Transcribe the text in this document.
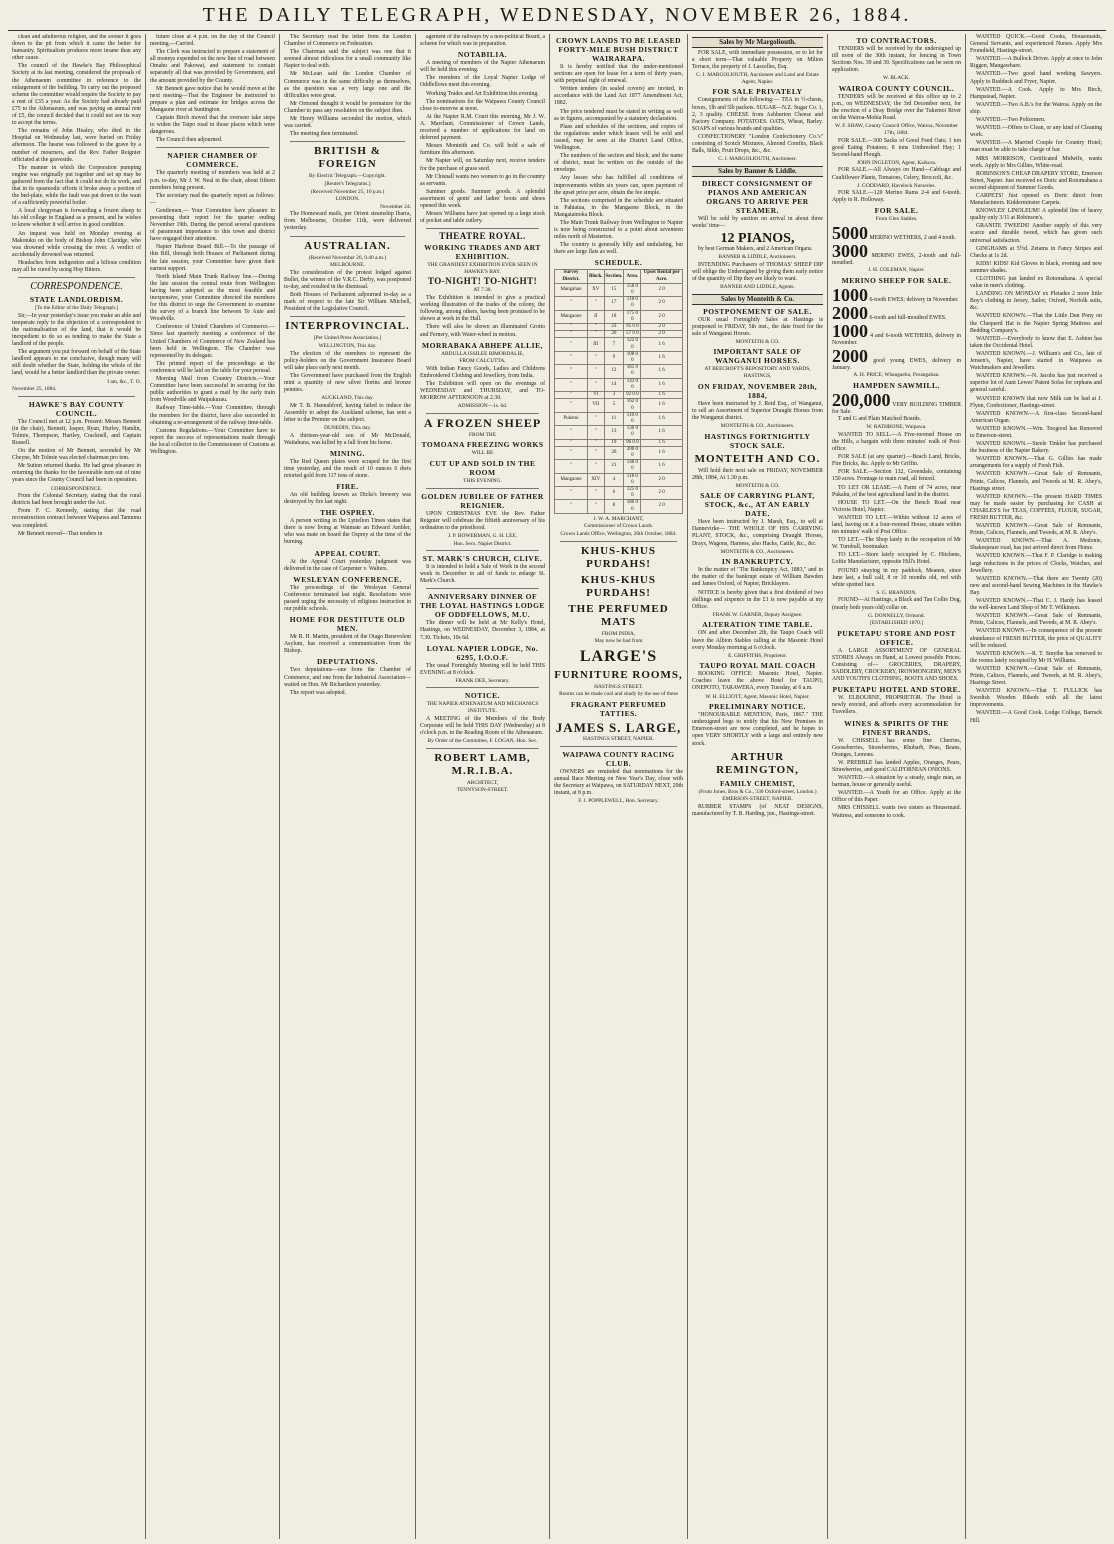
THE DAILY TELEGRAPH, WEDNESDAY, NOVEMBER 26, 1884.

clean and adulterous religion, and the sooner it goes down to the pit from which it came the better for humanity. Spiritualism produces more insane than any other cause.

The council of the Hawke's Bay Philosophical Society at its last meeting, considered the proposals of the Athenaeum committee in reference to the enlargement of the building. To carry out the proposed scheme the committee would require the Society to pay a rent of £35 a year. As the Society had already paid £75 to the Athenaeum, and was paying an annual rent of £5, the council decided that it could not see its way to accept the terms.

The remains of John Healey, who died in the Hospital on Wednesday last, were buried on Friday afternoon. The hearse was followed to the grave by a number of mourners, and the Rev. Father Reignier officiated at the graveside.

The manner in which the Corporation pumping engine was originally put together and set up may be gathered from the fact that it could not do its work, and that in its spasmodic efforts it broke away a portion of the bed-plate, while the fault was put down to the want of a sufficiently powerful boiler.

A local clergyman is forwarding a frozen sheep to his old college in England as a present, and he wishes to know whether it will arrive in good condition.

An inquest was held on Monday evening at Makotuku on the body of Bishop John Claridge, who was drowned while crossing the river. A verdict of accidentally drowned was returned.

Headaches from indigestion and a bilious condition may all be cured by using Hop Bitters.

CORRESPONDENCE.
STATE LANDLORDISM.
[To the Editor of the Daily Telegraph.]

Sir,—In your yesterday's issue you make an able and temperate reply to the objection of a correspondent to the nationalisation of the land, that it would be inexpedient to do so as tending to make the State a landlord of the people.

The argument you put forward on behalf of the State landlord appears to me conclusive, though many will still doubt whether the State, holding the whole of the land, would be a better landlord than the private owner.

I am, &c., T. O.
November 25, 1884.
HAWKE'S BAY COUNTY COUNCIL.

The Council met at 12 p.m. Present: Messrs Bennett (in the chair), Bennett, Jasper, Ryan, Hurley, Hamlin, Tolmie, Thompson, Hartley, Cracknell, and Captain Russell.

On the motion of Mr Bennett, seconded by Mr Cheyne, Mr Tolmie was elected chairman pro tem.

Mr Sutton returned thanks. He had great pleasure in returning the thanks for the favourable turn out of nine years since the County Council had been in operation.

CORRESPONDENCE.

From the Colonial Secretary, stating that the rural districts had been brought under the Act.

From F. C. Kennedy, stating that the road reconstruction contract between Waipawa and Tamumu was completed.

Mr Bennett moved—That tenders in

future close at 4 p.m. on the day of the Council meeting.—Carried.

The Clerk was instructed to prepare a statement of all moneys expended on the new line of road between Omahu and Pakowai, and statement to contain separately all that was provided by Government, and the amount provided by the County.

Mr Bennett gave notice that he would move at the next meeting—That the Engineer be instructed to prepare a plan and estimate for bridges across the Mangaone river at Suntington.

Captain Birch moved that the overseer take steps to widen the Taipo road in those places which were dangerous.

The Council then adjourned.

NAPIER CHAMBER OF COMMERCE.

The quarterly meeting of members was held at 2 p.m. to-day, Mr J. W. Neal in the chair, about fifteen members being present.

The secretary read the quarterly report as follows:—

Gentlemen,— Your Committee have pleasure in presenting their report for the quarter ending November 19th. During the period several questions of paramount importance to this town and district have engaged their attention.

Napier Harbour Board Bill.—To the passage of this Bill, through both Houses of Parliament during the late session, your Committee have given their earnest support.

North Island Main Trunk Railway line.—During the late session the central route from Wellington having been adopted as the most feasible and inexpensive, your Committee directed the members for this district to urge the Government to examine the survey of a branch line between Te Aute and Woodville.

Conference of United Chambers of Commerce.—Since last quarterly meeting a conference of the United Chambers of Commerce of New Zealand has been held in Wellington. The Chamber was represented by its delegate.

The printed report of the proceedings at the conference will be laid on the table for your perusal.

Morning Mail from Country Districts.—Your Committee have been successful in securing for the public authorities to grant a mail by the early train from Woodville and Waipukurau.

Railway Time-table.—Your Committee, through the members for the district, have also succeeded in obtaining a re-arrangement of the railway time-table.

Customs Regulations.—Your Committee have to report the success of representations made through the local collector to the Commissioner of Customs at Wellington.

The Secretary read the letter from the London Chamber of Commerce on Federation.

The Chairman said the subject was one that it seemed almost ridiculous for a small community like Napier to deal with.

Mr McLean said the London Chamber of Commerce was in the same difficulty as themselves, as the question was a very large one and the difficulties were great.

Mr Ormond thought it would be premature for the Chamber to pass any resolution on the subject then.

Mr Henry Williams seconded the motion, which was carried.

The meeting then terminated.

BRITISH & FOREIGN
By Electric Telegraph.—Copyright.
[Reuter's Telegrams.]
(Received November 25, 10 p.m.)
LONDON.
November 24.

The Homeward mails, per Orient steamship Ibarra, from Melbourne, October 11th, were delivered yesterday.

AUSTRALIAN.
(Received November 26, 9.40 a.m.)
MELBOURNE.

The consideration of the protest lodged against Bullet, the winner of the V.R.C. Derby, was postponed to-day, and resulted in the dismissal.

Both Houses of Parliament adjourned to-day as a mark of respect to the late Sir William Mitchell, President of the Legislative Council.

INTERPROVINCIAL.
[Per United Press Association.]
WELLINGTON, This day.

The election of the members to represent the policy-holders on the Government Insurance Board will take place early next month.

The Government have purchased from the English mint a quantity of new silver florins and bronze pennies.

AUCKLAND, This day.

Mr T. B. Hannahford, having failed to induce the Assembly to adopt the Auckland scheme, has sent a letter to the Premier on the subject.

DUNEDIN, This day.

A thirteen-year-old son of Mr McDonald, Waitahuna, was killed by a fall from his horse.

MINING.

The Red Queen plates were scraped for the first time yesterday, and the result of 10 ounces 6 dwts retorted gold from 117 tons of stone.

FIRE.

An old building known as Dicks's brewery was destroyed by fire last night.

THE OSPREY.

A person writing in the Lyttelton Times states that there is now living at Waimate an Edward Ambler, who was mate on board the Osprey at the time of the burning.

APPEAL COURT.

At the Appeal Court yesterday judgment was delivered in the case of Carpenter v. Walters.

WESLEYAN CONFERENCE.

The proceedings of the Wesleyan General Conference terminated last night. Resolutions were passed urging the necessity of religious instruction in our public schools.

HOME FOR DESTITUTE OLD MEN.

Mr R. H. Martin, president of the Otago Benevolent Asylum, has received a communication from the Bishop.

DEPUTATIONS.

Two deputations—one from the Chamber of Commerce, and one from the Industrial Association—waited on Hon. Mr Richardson yesterday.

The report was adopted.

agement of the railways by a non-political Board, a scheme for which was in preparation.

NOTABILIA.

A meeting of members of the Napier Athenaeum will be held this evening.

The members of the Loyal Napier Lodge of Oddfellows meet this evening.

Working Trades and Art Exhibition this evening.

The nominations for the Waipawa County Council close to-morrow at noon.

At the Napier R.M. Court this morning, Mr J. W. A. Marchant, Commissioner of Crown Lands, received a number of applications for land on deferred payment.

Messrs Monteith and Co. will hold a sale of furniture this afternoon.

Mr Napier will, on Saturday next, receive tenders for the purchase of grass seed.

Mr Chisnall wants two women to go in the country as servants.

Summer goods. Summer goods. A splendid assortment of gents' and ladies' boots and shoes opened this week.

Messrs Williams have just opened up a large stock of pocket and table cutlery.

THEATRE ROYAL.
WORKING TRADES AND ART EXHIBITION.
THE GRANDEST EXHIBITION EVER SEEN IN HAWKE'S BAY.
TO-NIGHT! TO-NIGHT!
AT 7.30.

The Exhibition is intended to give a practical working illustration of the trades of the colony, the following, among others, having been promised to be shown at work in the Hall.

There will also be shown an illuminated Grotto and Fernery, with Water-wheel in motion.

MORRABAKA ABHEPE ALLIE,
ABDULLA ISSILEE BIMORDALIE,
FROM CALCUTTA,

With Indian Fancy Goods, Ladies and Childrens Embroidered Clothing and Jewellery, from India.

The Exhibition will open on the evenings of WEDNESDAY and THURSDAY, and TO-MORROW AFTERNOON at 2.30.

ADMISSION—1s. 6d.
A FROZEN SHEEP
FROM THE
TOMOANA FREEZING WORKS
WILL BE
CUT UP AND SOLD IN THE ROOM
THIS EVENING.
GOLDEN JUBILEE OF FATHER REIGNIER.

UPON CHRISTMAS EVE the Rev. Father Reignier will celebrate the fiftieth anniversary of his ordination to the priesthood.

J. P. BOWERMAN, G. H. LEE.
Hon. Secs. Napier District.
ST. MARK'S CHURCH, CLIVE.

It is intended to hold a Sale of Work in the second week in December in aid of funds to enlarge St. Mark's Church.

ANNIVERSARY DINNER OF THE LOYAL HASTINGS LODGE OF ODDFELLOWS, M.U.

The dinner will be held at Mr Kelly's Hotel, Hastings, on WEDNESDAY, December 3, 1884, at 7.30. Tickets, 10s 6d.

LOYAL NAPIER LODGE, No. 6295, I.O.O.F.

The usual Fortnightly Meeting will be held THIS EVENING at 8 o'clock.

FRANK DEE, Secretary.
NOTICE.
THE NAPIER ATHENAEUM AND MECHANICS INSTITUTE.

A MEETING of the Members of the Body Corporate will be held THIS DAY (Wednesday) at 8 o'clock p.m. in the Reading Room of the Athenaeum.

By Order of the Committee, F. LOGAN, Hon. Sec.
ROBERT LAMB, M.R.I.B.A.
ARCHITECT,
TENNYSON-STREET.
CROWN LANDS TO BE LEASED FORTY-MILE BUSH DISTRICT WAIRARAPA.

It is hereby notified that the under-mentioned sections are open for lease for a term of thirty years, with perpetual right of renewal.

Written tenders (in sealed covers) are invited, in accordance with the Land Act 1877 Amendment Act, 1882.

The price tendered must be stated in writing as well as in figures, accompanied by a statutory declaration.

Plans and schedules of the sections, and copies of the regulations under which leases will be sold and issued, may be seen at the District Land Office, Wellington.

The numbers of the section and block, and the name of district, must be written on the outside of the envelope.

Any lessee who has fulfilled all conditions of improvements within six years can, upon payment of the upset price per acre, obtain the fee simple.

The sections comprised in the schedule are situated in Pahiatua, in the Mangaone Block, in the Mangatainoka Block.

The Main Trunk Railway from Wellington to Napier is now being constructed to a point about seventeen miles north of Masterton.

The country is generally hilly and undulating, but there are large flats as well.

SCHEDULE.
Survey District.	Block.	Section.	Area.	Upset Rental per Acre.
Mangahao	XV	15	158 0 0	2 0
"	"	17	118 0 0	2 0
Mangaone	II	18	175 0 0	2 0
"	"	23	95 0 0	2 0
"	"	26	57 0 0	2 0
"	III	7	122 0 0	1 6
"	"	9	108 0 0	1 6
"	"	12	165 0 0	1 6
"	"	14	143 0 0	1 6
"	VI	3	92 0 0	1 6
"	VII	5	162 0 0	1 6
Puketoi	"	11	110 0 0	1 6
"	"	13	130 0 0	1 6
"	"	19	96 0 0	1 6
"	"	20	200 0 0	1 6
"	"	21	148 0 0	1 6
Mangaone	XIV	4	118 0 0	2 0
"	"	6	125 0 0	2 0
"	"	8	180 0 0	2 0
J. W. A. MARCHANT,
Commissioner of Crown Lands.
Crown Lands Office, Wellington, 20th October, 1884.
KHUS-KHUS PURDAHS!
KHUS-KHUS PURDAHS!
THE PERFUMED MATS
FROM INDIA,
May now be had from
LARGE'S
FURNITURE ROOMS,
HASTINGS STREET.
Rooms can be made cool and shady by the use of these
FRAGRANT PERFUMED TATTIES.
JAMES S. LARGE,
HASTINGS STREET, NAPIER.
WAIPAWA COUNTY RACING CLUB.

OWNERS are reminded that nominations for the annual Race Meeting on New Year's Day, close with the Secretary at Waipawa, on SATURDAY NEXT, 29th instant, at 8 p.m.

F. J. POPPLEWELL, Hon. Secretary.
Sales by Mr Margoliouth.

FOR SALE, with immediate possession, or to let for a short term—That valuable Property on Milton Terrace, the property of J. Lascelles, Esq.

C. J. MARGOLIOUTH, Auctioneer and Land and Estate Agent, Napier.
FOR SALE PRIVATELY

Consignments of the following:— TEA in ½-chests, boxes, 1lb and 5lb packets. SUGAR—N.Z. Sugar Co. 1, 2, 3 quality. CHEESE from Ashburton Cheese and Factory Company. POTATOES. OATS, Wheat, Barley. SOAPS of various brands and qualities.

CONFECTIONERY "London Confectionery Co.'s" consisting of Scotch Mixtures, Almond Comfits, Black Balls, Sildo, Fruit Drops, &c., &c.

C. J. MARGOLIOUTH, Auctioneer.
Sales by Banner & Liddle.
DIRECT CONSIGNMENT OF PIANOS AND AMERICAN ORGANS TO ARRIVE PER STEAMER.

Will be sold by auction on arrival in about three weeks' time—

12 PIANOS,

by best German Makers, and 2 American Organs.

BANNER & LIDDLE, Auctioneers.

INTENDING Purchasers of THOMAS' SHEEP DIP will oblige the Undersigned by giving them early notice of the quantity of Dip they are likely to want.

BANNER AND LIDDLE, Agents.
Sales by Monteith & Co.
POSTPONEMENT OF SALE.

OUR usual Fortnightly Sales at Hastings is postponed to FRIDAY, 5th inst., the date fixed for the sale of Wanganui Horses.

MONTEITH & CO.
IMPORTANT SALE OF WANGANUI HORSES.
AT BEECROFT'S REPOSITORY AND YARDS, HASTINGS,
ON FRIDAY, NOVEMBER 28th, 1884,

Have been instructed by J. Reid Esq., of Wanganui, to sell an Assortment of Superior Draught Horses from the Wanganui district.

MONTEITH & CO., Auctioneers.
HASTINGS FORTNIGHTLY STOCK SALE.
MONTEITH AND CO.

Will hold their next sale on FRIDAY, NOVEMBER 28th, 1884, At 1.30 p.m.

MONTEITH & CO.
SALE OF CARRYING PLANT, STOCK, &c., AT AN EARLY DATE.

Have been instructed by J. Marsh, Esq., to sell at Dannevirke— THE WHOLE OF HIS CARRYING PLANT, STOCK, &c., comprising Draught Horses, Drays, Wagons, Harness, also Hacks, Cattle, &c., &c.

MONTEITH & CO., Auctioneers.
IN BANKRUPTCY.

In the matter of "The Bankruptcy Act, 1883," and in the matter of the bankrupt estate of William Bawden and James Oxford, of Napier, Bricklayers.

NOTICE is hereby given that a first dividend of two shillings and sixpence in the £1 is now payable at my Office.

FRANK W. GARNER, Deputy Assignee.
ALTERATION TIME TABLE.

ON and after December 2th, the Taupo Coach will leave the Albion Stables calling at the Masonic Hotel every Monday morning at 6 o'clock.

E. GRIFFITHS, Proprietor.
TAUPO ROYAL MAIL COACH

BOOKING OFFICE: Masonic Hotel, Napier. Coaches leave the above Hotel for TAUPO, ONEPOTO, TARAWERA, every Tuesday, at 6 a.m.

W. H. ELLIOTT, Agent, Masonic Hotel, Napier.
PRELIMINARY NOTICE.

"HONOURABLE MENTION, Paris, 1867." THE undersigned begs to notify that his New Premises in Emerson-street are now completed, and he hopes to open VERY SHORTLY with a large and entirely new stock.

ARTHUR REMINGTON,
FAMILY CHEMIST,
(From Jones, Bros & Co., 330 Oxford-street, London.)
EMERSON-STREET, NAPIER.

RUBBER STAMPS (of NEAT DESIGNS, manufactured by T. B. Harding, jun., Hastings-street.

TO CONTRACTORS.

TENDERS will be received by the undersigned up till noon of the 30th instant, for fencing in Town Sections Nos. 39 and 39. Specifications can be seen on application.

W. BLACK.
WAIROA COUNTY COUNCIL.

TENDERS will be received at this office up to 2 p.m., on WEDNESDAY, the 3rd December next, for the erection of a Dray Bridge over the Tukemoi River on the Wairoa-Mohia Road.

W. F. SHAW, County Council Office, Wairoa, November 17th, 1884.

FOR SALE.—300 Sacks of Good Feed Oats; 1 ton good Eating Potatoes; 8 tons Unthreshed Hay; 1 Second-hand Plough.

JOHN INGLETON, Agent, Kaikora.

FOR SALE.—All Always on Hand—Cabbage and Cauliflower Plants, Tomatoes, Celery, Broccoli, &c.

J. GODDARD, Havelock Nurseries.

FOR SALE.—120 Merino Rams 2-4 and 6-tooth. Apply to R. Holloway.

FOR SALE.
From Glen Stables.
5000 MERINO WETHERS, 2 and 4 tooth.
3000 MERINO EWES, 2-tooth and full-mouthed.
J. H. COLEMAN, Napier.
MERINO SHEEP FOR SALE.
1000 6-tooth EWES; delivery in November.
2000 6-tooth and full-mouthed EWES.
1000 4 and 6-tooth WETHERS, delivery in November.
2000 good young EWES, delivery in January.
A. H. PRICE, Whangaehu, Porangahau.
HAMPDEN SAWMILL.
200,000 VERY BUILDING TIMBER for Sale.

T and G and Plain Matched Boards.

W. RATHBONE, Waipawa.

WANTED TO SELL.—A Five-roomed House on the Hills, a bargain with three minutes' walk of Post-office.

FOR SALE (at any quarter).—Beach Land, Bricks, Fire Bricks, &c. Apply to Mr Griffin.

FOR SALE.—Section 132, Greendale, containing 150 acres. Frontage to main road, all fenced.

TO LET OR LEASE.—A Farm of 74 acres, near Pukahu, of the best agricultural land in the district.

HOUSE TO LET.—On the Bench Road near Victoria Hotel, Napier.

WANTED TO LET.—Within without 12 acres of land, having on it a four-roomed House, situate within ten minutes' walk of Post Office.

TO LET.—The Shop lately in the occupation of Mr W. Turnbull, bootmaker.

TO LET.—Store lately occupied by C. Hitchens, Loftie Manufacturer, opposite Hill's Hotel.

FOUND straying in my paddock, Meanee, since June last, a bull calf, 8 or 10 months old, red with white spotted face.

S. G. BRANDON.

FOUND—At Hastings, a Black and Tan Collie Dog, (nearly both years old) collar on.

G. DONNELLY, Ormond.
[ESTABLISHED 1870.]
PUKETAPU STORE AND POST OFFICE.

A LARGE ASSORTMENT OF GENERAL STORES Always on Hand, at Lowest possible Prices. Consisting of— GROCERIES, DRAPERY, SADDLERY, CROCKERY, IRONMONGERY, MEN'S AND YOUTH'S CLOTHING, BOOTS AND SHOES.

PUKETAPU HOTEL AND STORE.

W. ELBOURNE, PROPRIETOR. The Hotel is newly erected, and affords every accommodation for Travellers.

WINES & SPIRITS OF THE FINEST BRANDS.

W. CHISSELL has some fine Cherries, Gooseberries, Strawberries, Rhubarb, Peas, Beans, Oranges, Lemons.

W. PREBBLE has landed Apples, Oranges, Pears, Strawberries, and good CALIFORNIAN ONIONS.

WANTED.—A situation by a steady, single man, as barman, house or generally useful.

WANTED.—A Youth for an Office. Apply at the Office of this Paper.

MRS CHISSELL wants two sisters as Housemaid. Waitress, and someone to cook.

WANTED QUICK.—Good Cooks, Housemaids, General Servants, and experienced Nurses. Apply Mrs Fromdield, Hastings-street.

WANTED.—A Bullock Driver. Apply at once to John Riggen, Mangawhare.

WANTED.—Two good hand working Sawyers. Apply to Rudduck and Fryer, Napier.

WANTED.—A Cook. Apply to Mrs Birch, Hampstead, Napier.

WANTED.—Two A.B.'s for the Wairoa. Apply on the ship.

WANTED.—Two Policemen.

WANTED.—Offers to Clean, or any kind of Cleaning work.

WANTED.—A Married Couple for Country Hotel; man must be able to take charge of bar.

MRS MORRISON, Certificated Midwife, wants work. Apply to Mrs Gillies, White-road.

ROBINSON'S CHEAP DRAPERY STORE, Emerson Street, Napier. Just received ex Doric and Rotomahana a second shipment of Summer Goods.

CARPETS! Just opened ex Doric direct from Manufacturers. Kidderminster Carpets.

KNOWLES' LINOLEUM! A splendid line of heavy quality only 3/11 at Robinson's.

GRANITE TWEEDS! Another supply of this very scarce and durable tweed, which has given such universal satisfaction.

GINGHAMS at 5½d. Zetams in Fancy Stripes and Checks at 1s 2d.

KIDS! KIDS! Kid Gloves in black, evening and new summer shades.

CLOTHING just landed ex Rotomahana. A special value in men's clothing.

LANDING ON MONDAY ex Pleiades 2 more little Boy's clothing in Jersey, Sailor, Oxford, Norfolk suits, &c.

WANTED KNOWN.—That the Little Dun Pony on the Chequerd Hat is the Napier Spring Mattress and Bedding Company's.

WANTED.—Everybody to know that E. Ashton has taken the Occidental Hotel.

WANTED KNOWN.—J. William's and Co., late of Jensen's, Napier, have started in Waipawa as Watchmakers and Jewellers.

WANTED KNOWN.—N. Jacobs has just received a superior lot of Aunt Lewes' Patent Sofas for orphans and general careful.

WANTED KNOWN that now Milk can be had at J. Flynn, Confectioner, Hastings-street.

WANTED KNOWN.—A first-class Second-hand American Organ.

WANTED KNOWN.—Wm. Toogood has Removed to Emerson-street.

WANTED KNOWN.—Steele Tinkler has purchased the business of the Napier Bakery.

WANTED KNOWN.—That G. Gillies has made arrangements for a supply of Fresh Fish.

WANTED KNOWN.—Great Sale of Remnants, Prints, Calicos, Flannels, and Tweeds at M. R. Abey's, Hastings street.

WANTED KNOWN.—The present HARD TIMES may be made easier by purchasing for CASH at CHARLES'S for TEAS, COFFEES, FLOUR, SUGAR, FRESH BUTTER, &c.

WANTED KNOWN.—Great Sale of Remnants, Prints, Calicos, Flannels, and Tweeds, at M. R. Abey's.

WANTED KNOWN.—That A. Medonie, Shakespeare road, has just arrived direct from Home.

WANTED KNOWN.—That F. P. Claridge is making large reductions in the prices of Clocks, Watches, and Jewellery.

WANTED KNOWN.—That there are Twenty (20) new and second-hand Sewing Machines in the Hawke's Bay.

WANTED KNOWN.—That C. J. Hardy has leased the well-known Land Shop of Mr T. Wilkinson.

WANTED KNOWN.—Great Sale of Remnants, Prints, Calicos, Flannels, and Tweeds, at M. R. Abey's.

WANTED KNOWN.—In consequence of the present abundance of FRESH BUTTER, the price of QUALITY will be reduced.

WANTED KNOWN.—R. T. Smythe has removed to the rooms lately occupied by Mr H. Williams.

WANTED KNOWN.—Great Sale of Remnants, Prints, Calicos, Flannels, and Tweeds, at M. R. Abey's, Hastings Street.

WANTED KNOWN.—That T. FULLICK has Swedish Wooden Bikeds with all the latest improvements.

WANTED.—A Good Cook. Lodge College, Barrack Hill.
